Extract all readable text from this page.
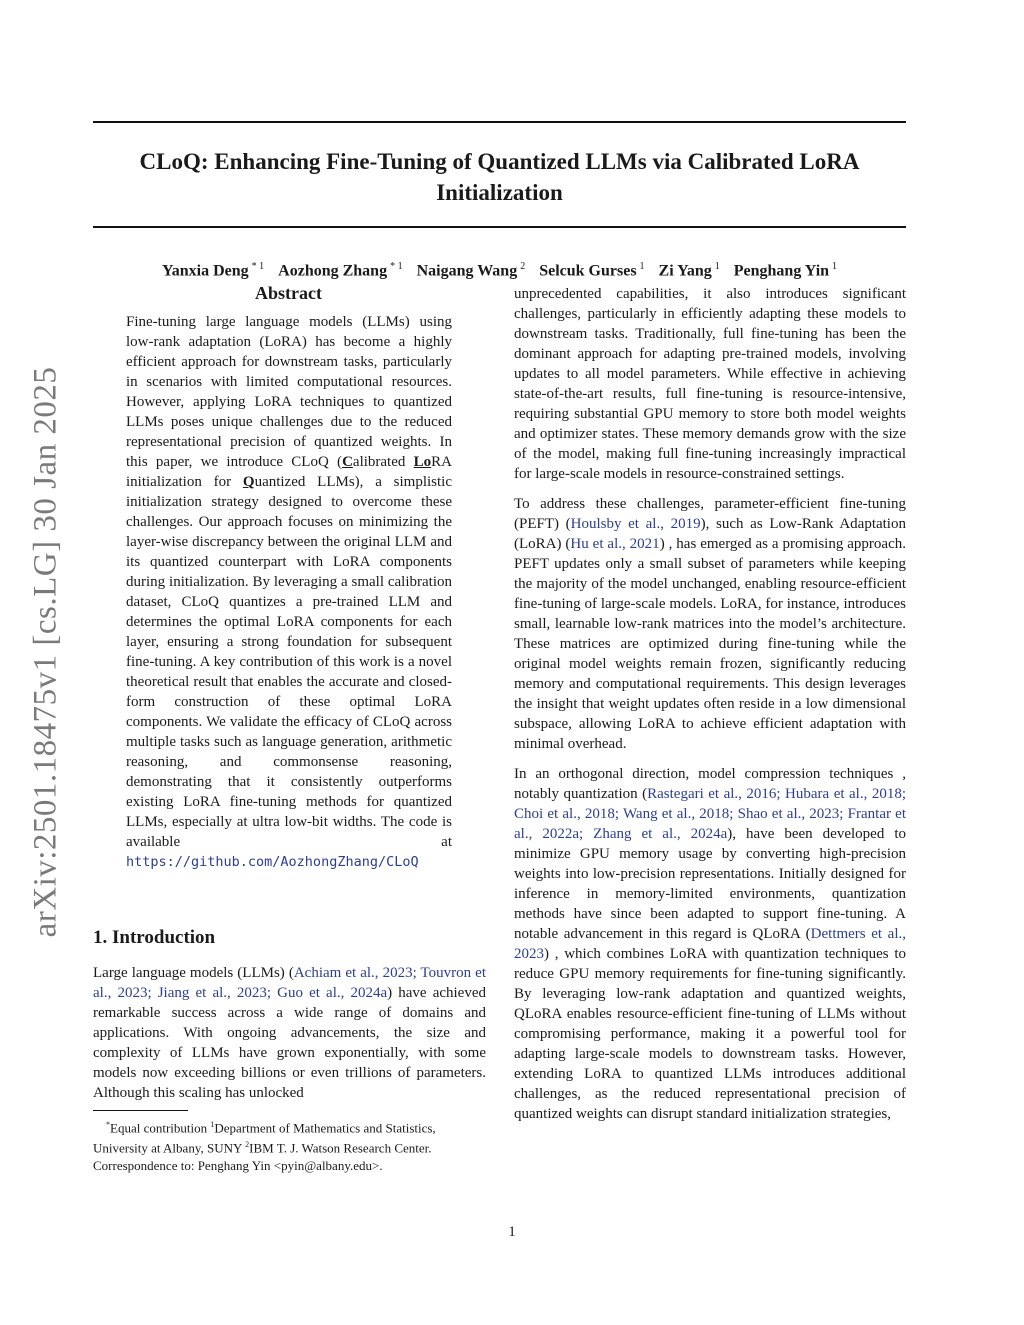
arXiv:2501.18475v1 [cs.LG] 30 Jan 2025
CLoQ: Enhancing Fine-Tuning of Quantized LLMs via Calibrated LoRA
Initialization
Yanxia Deng $^{* 1}$ Aozhong Zhang $^{* 1}$ Naigang Wang $^2$ Selcuk Gurses $^1$ Zi Yang $^1$ Penghang Yin $^1$
Abstract

Fine-tuning large language models (LLMs) using low-rank adaptation (LoRA) has become a highly efficient approach for downstream tasks, particularly in scenarios with limited computational resources. However, applying LoRA techniques to quantized LLMs poses unique challenges due to the reduced representational precision of quantized weights. In this paper, we introduce CLoQ (Calibrated LoRA initialization for Quantized LLMs), a simplistic initialization strategy designed to overcome these challenges. Our approach focuses on minimizing the layer-wise discrepancy between the original LLM and its quantized counterpart with LoRA components during initialization. By leveraging a small calibration dataset, CLoQ quantizes a pre-trained LLM and determines the optimal LoRA components for each layer, ensuring a strong foundation for subsequent fine-tuning. A key contribution of this work is a novel theoretical result that enables the accurate and closed-form construction of these optimal LoRA components. We validate the efficacy of CLoQ across multiple tasks such as language generation, arithmetic reasoning, and commonsense reasoning, demonstrating that it consistently outperforms existing LoRA fine-tuning methods for quantized LLMs, especially at ultra low-bit widths. The code is available at https://github.com/AozhongZhang/CLoQ

1. Introduction

Large language models (LLMs) (Achiam et al., 2023; Touvron et al., 2023; Jiang et al., 2023; Guo et al., 2024a) have achieved remarkable success across a wide range of domains and applications. With ongoing advancements, the size and complexity of LLMs have grown exponentially, with some models now exceeding billions or even trillions of parameters. Although this scaling has unlocked

*Equal contribution $^1$Department of Mathematics and Statistics, University at Albany, SUNY $^2$IBM T. J. Watson Research Center.

Correspondence to: Penghang Yin <pyin@albany.edu>.

unprecedented capabilities, it also introduces significant challenges, particularly in efficiently adapting these models to downstream tasks. Traditionally, full fine-tuning has been the dominant approach for adapting pre-trained models, involving updates to all model parameters. While effective in achieving state-of-the-art results, full fine-tuning is resource-intensive, requiring substantial GPU memory to store both model weights and optimizer states. These memory demands grow with the size of the model, making full fine-tuning increasingly impractical for large-scale models in resource-constrained settings.

To address these challenges, parameter-efficient fine-tuning (PEFT) (Houlsby et al., 2019), such as Low-Rank Adaptation (LoRA) (Hu et al., 2021) , has emerged as a promising approach. PEFT updates only a small subset of parameters while keeping the majority of the model unchanged, enabling resource-efficient fine-tuning of large-scale models. LoRA, for instance, introduces small, learnable low-rank matrices into the model’s architecture. These matrices are optimized during fine-tuning while the original model weights remain frozen, significantly reducing memory and computational requirements. This design leverages the insight that weight updates often reside in a low dimensional subspace, allowing LoRA to achieve efficient adaptation with minimal overhead.

In an orthogonal direction, model compression techniques , notably quantization (Rastegari et al., 2016; Hubara et al., 2018; Choi et al., 2018; Wang et al., 2018; Shao et al., 2023; Frantar et al., 2022a; Zhang et al., 2024a), have been developed to minimize GPU memory usage by converting high-precision weights into low-precision representations. Initially designed for inference in memory-limited environments, quantization methods have since been adapted to support fine-tuning. A notable advancement in this regard is QLoRA (Dettmers et al., 2023) , which combines LoRA with quantization techniques to reduce GPU memory requirements for fine-tuning significantly. By leveraging low-rank adaptation and quantized weights, QLoRA enables resource-efficient fine-tuning of LLMs without compromising performance, making it a powerful tool for adapting large-scale models to downstream tasks. However, extending LoRA to quantized LLMs introduces additional challenges, as the reduced representational precision of quantized weights can disrupt standard initialization strategies,

1
